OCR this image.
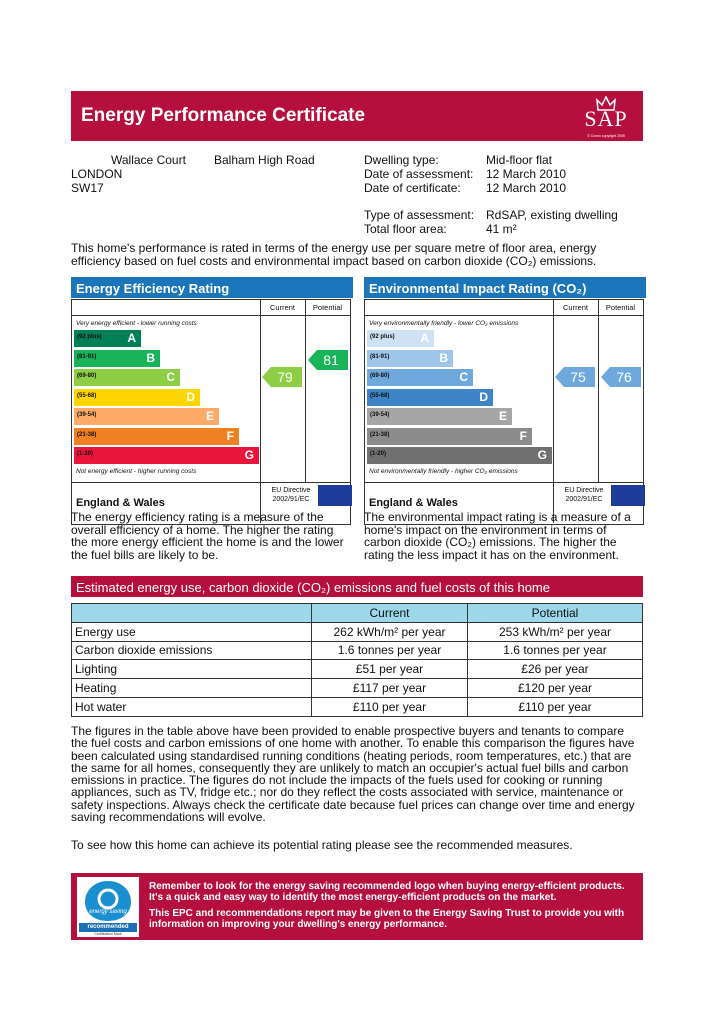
Energy Performance Certificate	SAP
© Crown copyright 2005
Wallace Court Balham High Road
LONDON
SW17
Dwelling type:	Mid-floor flat
Date of assessment: 12 March 2010
Date of certificate: 12 March 2010
Type of assessment: RdSAP, existing dwelling
Total floor area:	41 m²
This home's performance is rated in terms of the energy use per square metre of floor area, energy efficiency based on fuel costs and environmental impact based on carbon dioxide (CO₂) emissions.
Energy Efficiency Rating
Current	Potential
Very energy efficient - lower running costs
(92 plus) A
(81-91)	B
(69-80)	C
(55-68)	D
(39-54)	E
(21-38)	F
(1-20)	G
Not energy efficient - higher running costs
79
81
England & Wales
EU Directive 2002/91/EC
Environmental Impact Rating (CO₂)
Current	Potential
Very environmentally friendly - lower CO₂ emissions
(92 plus) A
(81-91)	B
(69-80)	C
(55-68)	D
(39-54)	E
(21-38)	F
(1-20)	G
Not environmentally friendly - higher CO₂ emissions
75	76
England & Wales
EU Directive 2002/91/EC
The energy efficiency rating is a measure of the overall efficiency of a home. The higher the rating the more energy efficient the home is and the lower the fuel bills are likely to be.
The environmental impact rating is a measure of a home's impact on the environment in terms of carbon dioxide (CO₂) emissions. The higher the rating the less impact it has on the environment.
Estimated energy use, carbon dioxide (CO₂) emissions and fuel costs of this home
	Current	Potential
Energy use	262 kWh/m² per year	253 kWh/m² per year
Carbon dioxide emissions	1.6 tonnes per year	1.6 tonnes per year
Lighting	£51 per year	£26 per year
Heating	£117 per year	£120 per year
Hot water	£110 per year	£110 per year
The figures in the table above have been provided to enable prospective buyers and tenants to compare the fuel costs and carbon emissions of one home with another. To enable this comparison the figures have been calculated using standardised running conditions (heating periods, room temperatures, etc.) that are the same for all homes, consequently they are unlikely to match an occupier's actual fuel bills and carbon emissions in practice. The figures do not include the impacts of the fuels used for cooking or running appliances, such as TV, fridge etc.; nor do they reflect the costs associated with service, maintenance or safety inspections. Always check the certificate date because fuel prices can change over time and energy saving recommendations will evolve.
To see how this home can achieve its potential rating please see the recommended measures.
energy saving
recommended
Certification Mark
Remember to look for the energy saving recommended logo when buying energy-efficient products. It's a quick and easy way to identify the most energy-efficient products on the market.
This EPC and recommendations report may be given to the Energy Saving Trust to provide you with information on improving your dwelling's energy performance.
